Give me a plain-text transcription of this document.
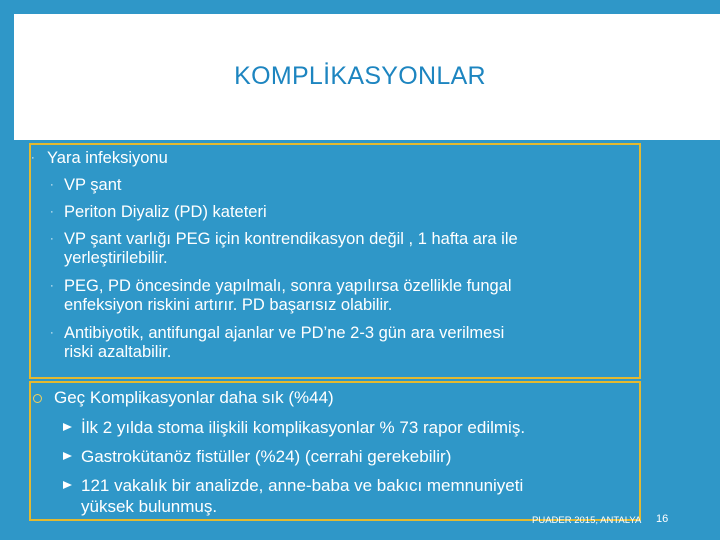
KOMPLİKASYONLAR
· Yara infeksiyonu
· VP şant
· Periton Diyaliz (PD) kateteri
· VP şant varlığı PEG için kontrendikasyon değil , 1 hafta ara ile
yerleştirilebilir.
· PEG, PD öncesinde yapılmalı, sonra yapılırsa özellikle fungal
enfeksiyon riskini artırır. PD başarısız olabilir.
· Antibiyotik, antifungal ajanlar ve PD’ne 2-3 gün ara verilmesi
riski azaltabilir.
Geç Komplikasyonlar daha sık (%44)
İlk 2 yılda stoma ilişkili komplikasyonlar % 73 rapor edilmiş.
Gastrokütanöz fistüller (%24) (cerrahi gerekebilir)
121 vakalık bir analizde, anne-baba ve bakıcı memnuniyeti
yüksek bulunmuş.
PUADER 2015, ANTALYA 16
